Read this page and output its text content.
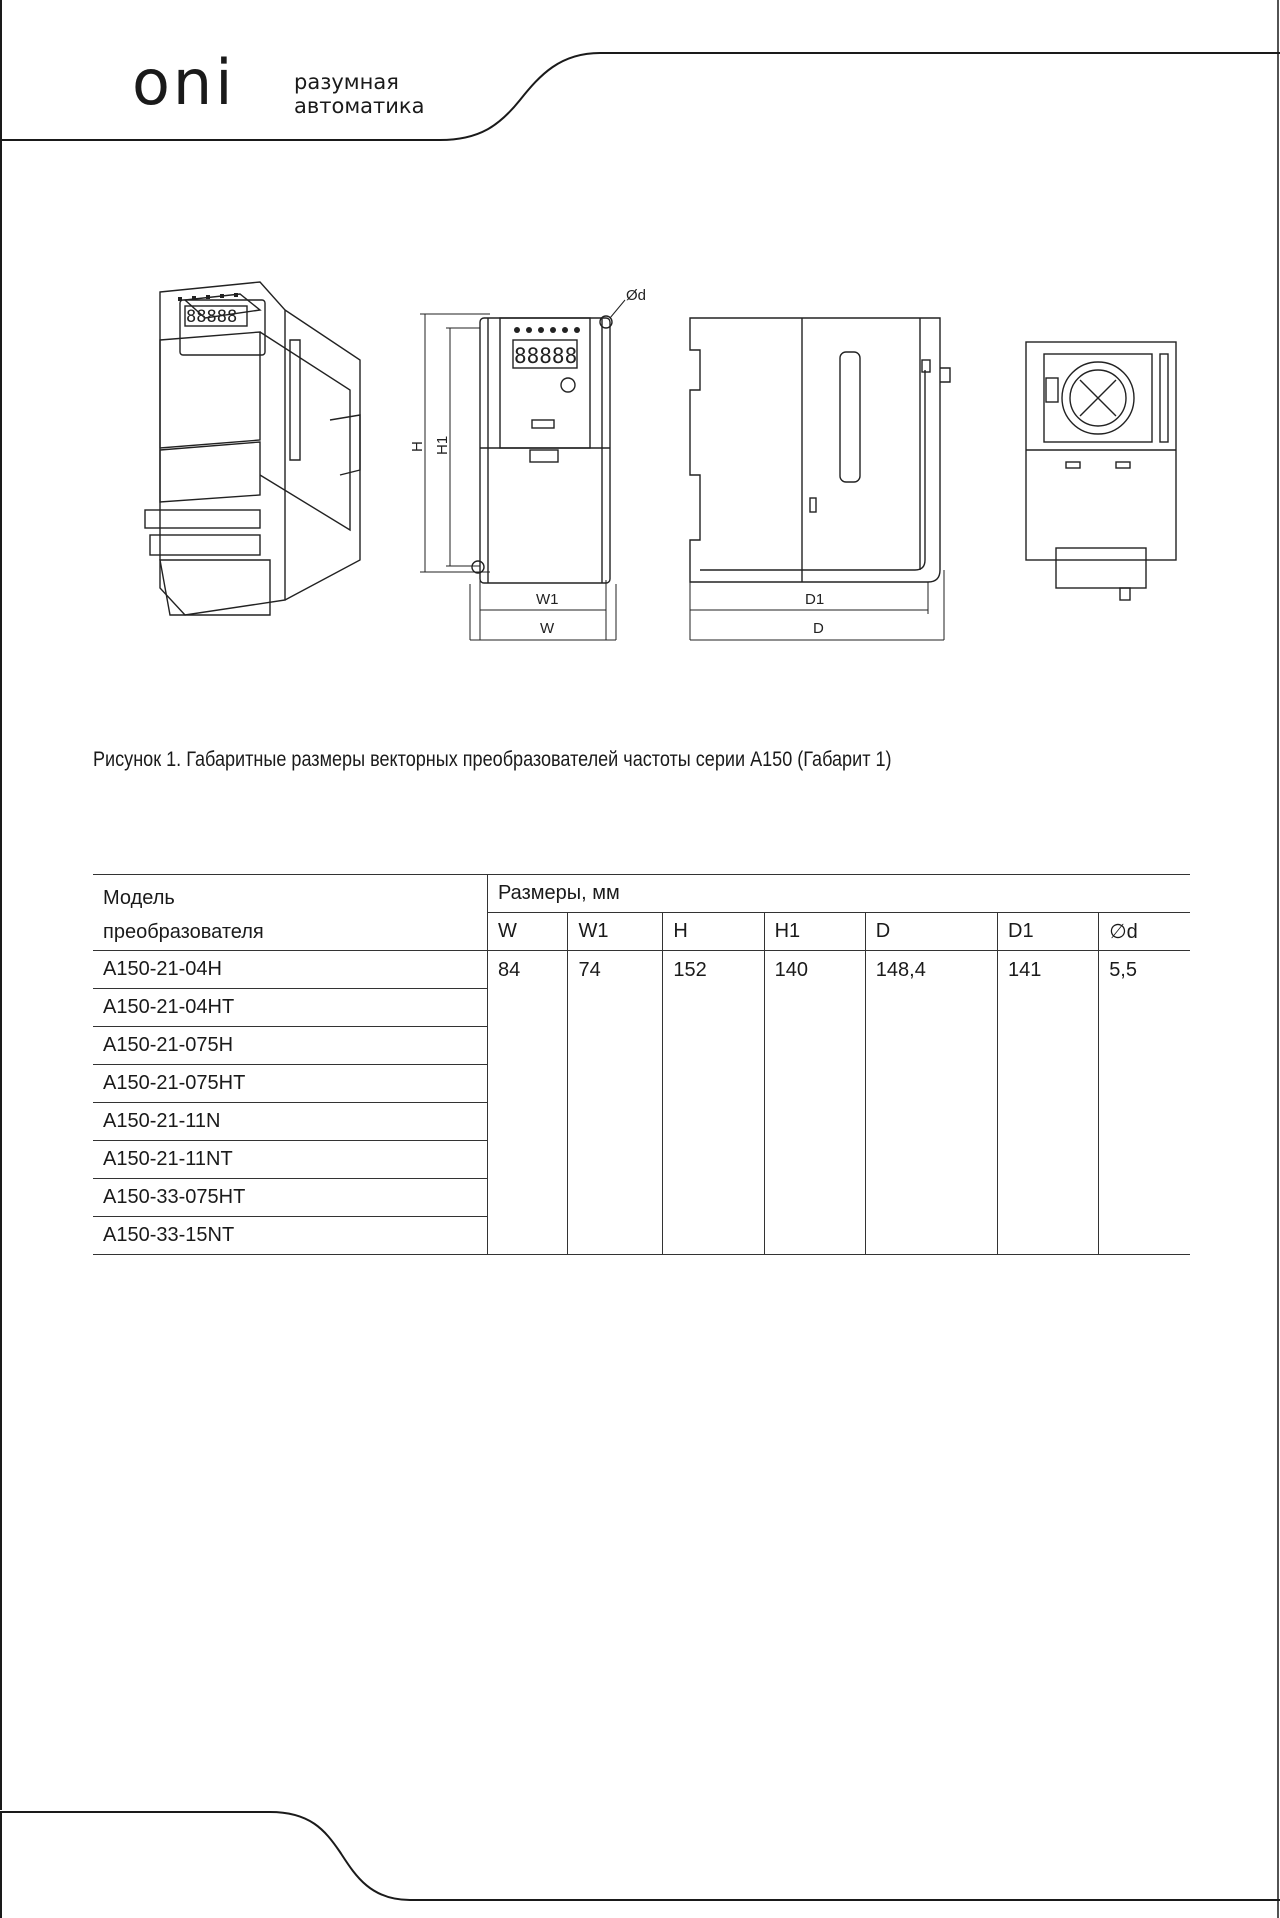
oni	разумная
автоматика
88888
88888
Ød
H H1
W1
W
D1
D
Рисунок 1. Габаритные размеры векторных преобразователей частоты серии A150 (Габарит 1)
Модель
преобразователя	Размеры, мм						
	W	W1	H	H1	D	D1	∅d
A150-21-04H	84	74	152	140	148,4	141	5,5
A150-21-04HT							
A150-21-075H							
A150-21-075HT							
A150-21-11N							
A150-21-11NT							
A150-33-075HT							
A150-33-15NT							
